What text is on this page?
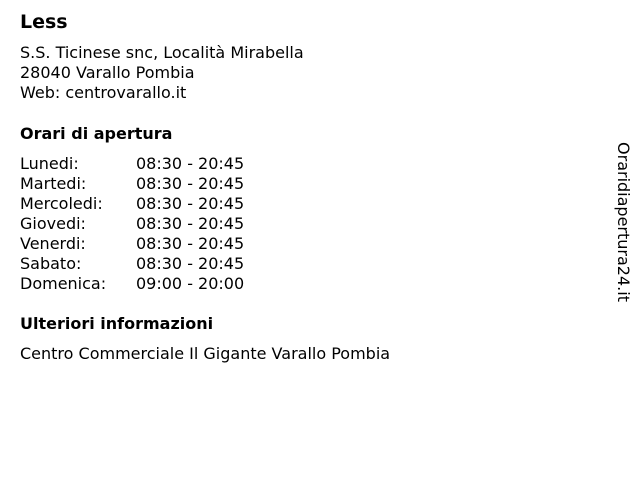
Less
S.S. Ticinese snc, Località Mirabella
28040 Varallo Pombia
Web: centrovarallo.it
Orari di apertura
Lunedi:	08:30 - 20:45
Martedi:	08:30 - 20:45
Mercoledi:	08:30 - 20:45
Giovedi:	08:30 - 20:45
Venerdi:	08:30 - 20:45
Sabato:	08:30 - 20:45
Domenica:	09:00 - 20:00
Ulteriori informazioni
Centro Commerciale Il Gigante Varallo Pombia
Oraridiapertura24.it
